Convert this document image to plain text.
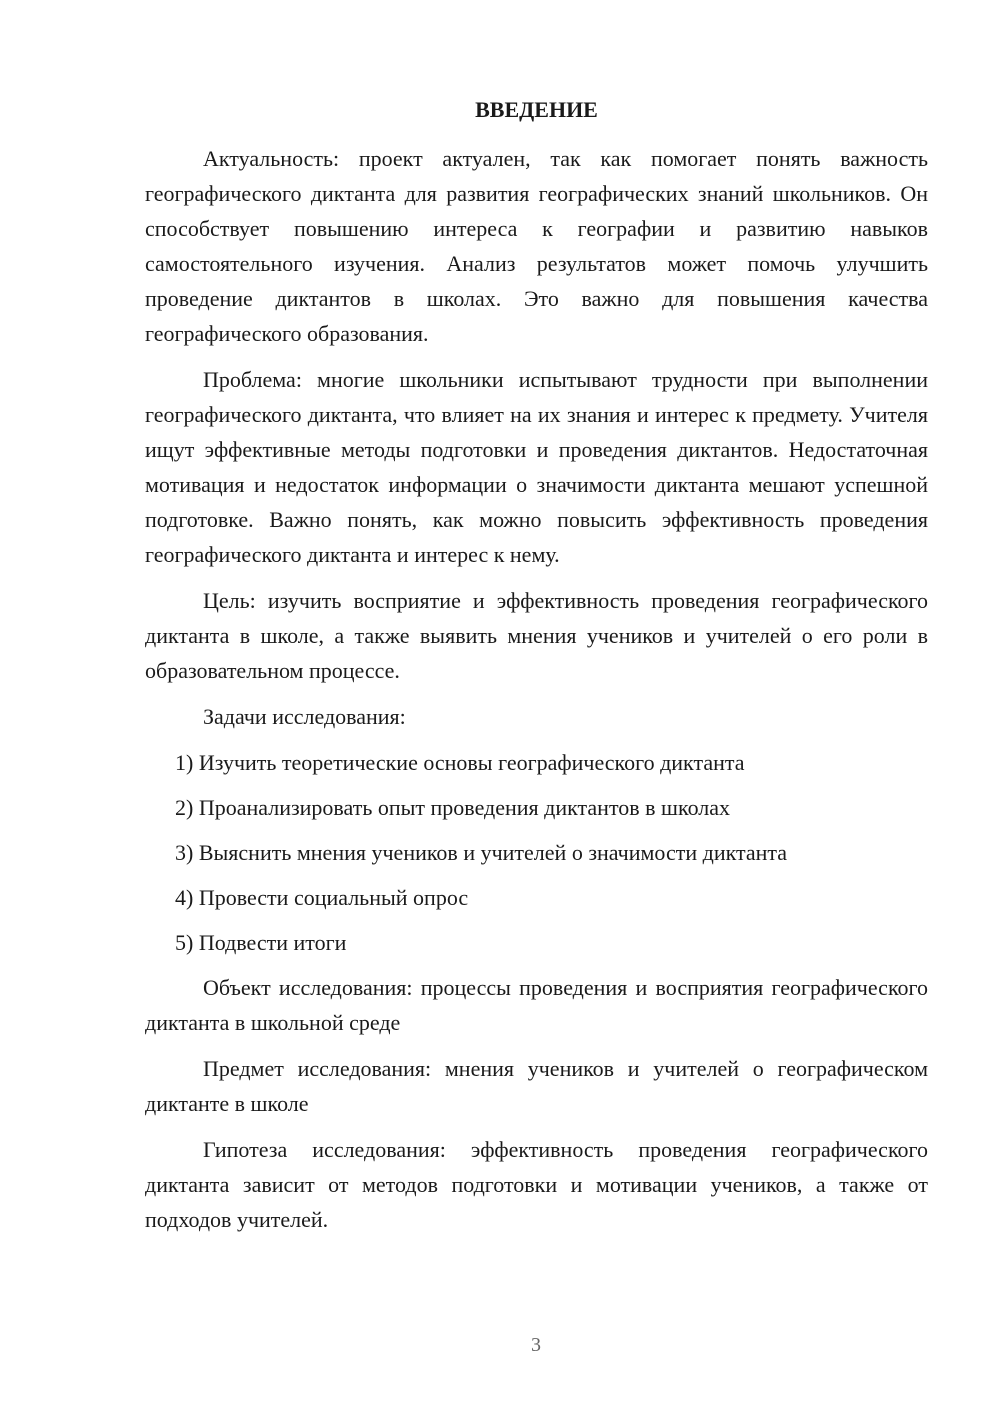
ВВЕДЕНИЕ

Актуальность: проект актуален, так как помогает понять важность географического диктанта для развития географических знаний школьников. Он способствует повышению интереса к географии и развитию навыков самостоятельного изучения. Анализ результатов может помочь улучшить проведение диктантов в школах. Это важно для повышения качества географического образования.

Проблема: многие школьники испытывают трудности при выполнении географического диктанта, что влияет на их знания и интерес к предмету. Учителя ищут эффективные методы подготовки и проведения диктантов. Недостаточная мотивация и недостаток информации о значимости диктанта мешают успешной подготовке. Важно понять, как можно повысить эффективность проведения географического диктанта и интерес к нему.

Цель: изучить восприятие и эффективность проведения географического диктанта в школе, а также выявить мнения учеников и учителей о его роли в образовательном процессе.

Задачи исследования:

1) Изучить теоретические основы географического диктанта
2) Проанализировать опыт проведения диктантов в школах
3) Выяснить мнения учеников и учителей о значимости диктанта
4) Провести социальный опрос
5) Подвести итоги

Объект исследования: процессы проведения и восприятия географического диктанта в школьной среде

Предмет исследования: мнения учеников и учителей о географическом диктанте в школе

Гипотеза исследования: эффективность проведения географического диктанта зависит от методов подготовки и мотивации учеников, а также от подходов учителей.

3
